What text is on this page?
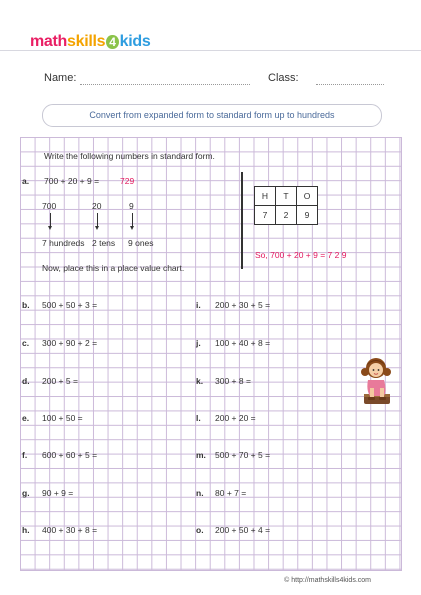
mathskills 4 kids
Name:	Class:
Convert from expanded form to standard form up to hundreds
Write the following numbers in standard form.
a. 700 + 20 + 9 = 729
700	20	9
7 hundreds 2 tens 9 ones
Now, place this in a place value chart.
H	T	O
7	2	9
So, 700 + 20 + 9 = 7 2 9
b. 500 + 50 + 3 =
c. 300 + 90 + 2 =
d. 200 + 5 =
e. 100 + 50 =
f. 600 + 60 + 5 =
g. 90 + 9 =
h. 400 + 30 + 8 =
i. 200 + 30 + 5 =
j. 100 + 40 + 8 =
k. 300 + 8 =
l. 200 + 20 =
m. 500 + 70 + 5 =
n. 80 + 7 =
o. 200 + 50 + 4 =
© http://mathskills4kids.com
